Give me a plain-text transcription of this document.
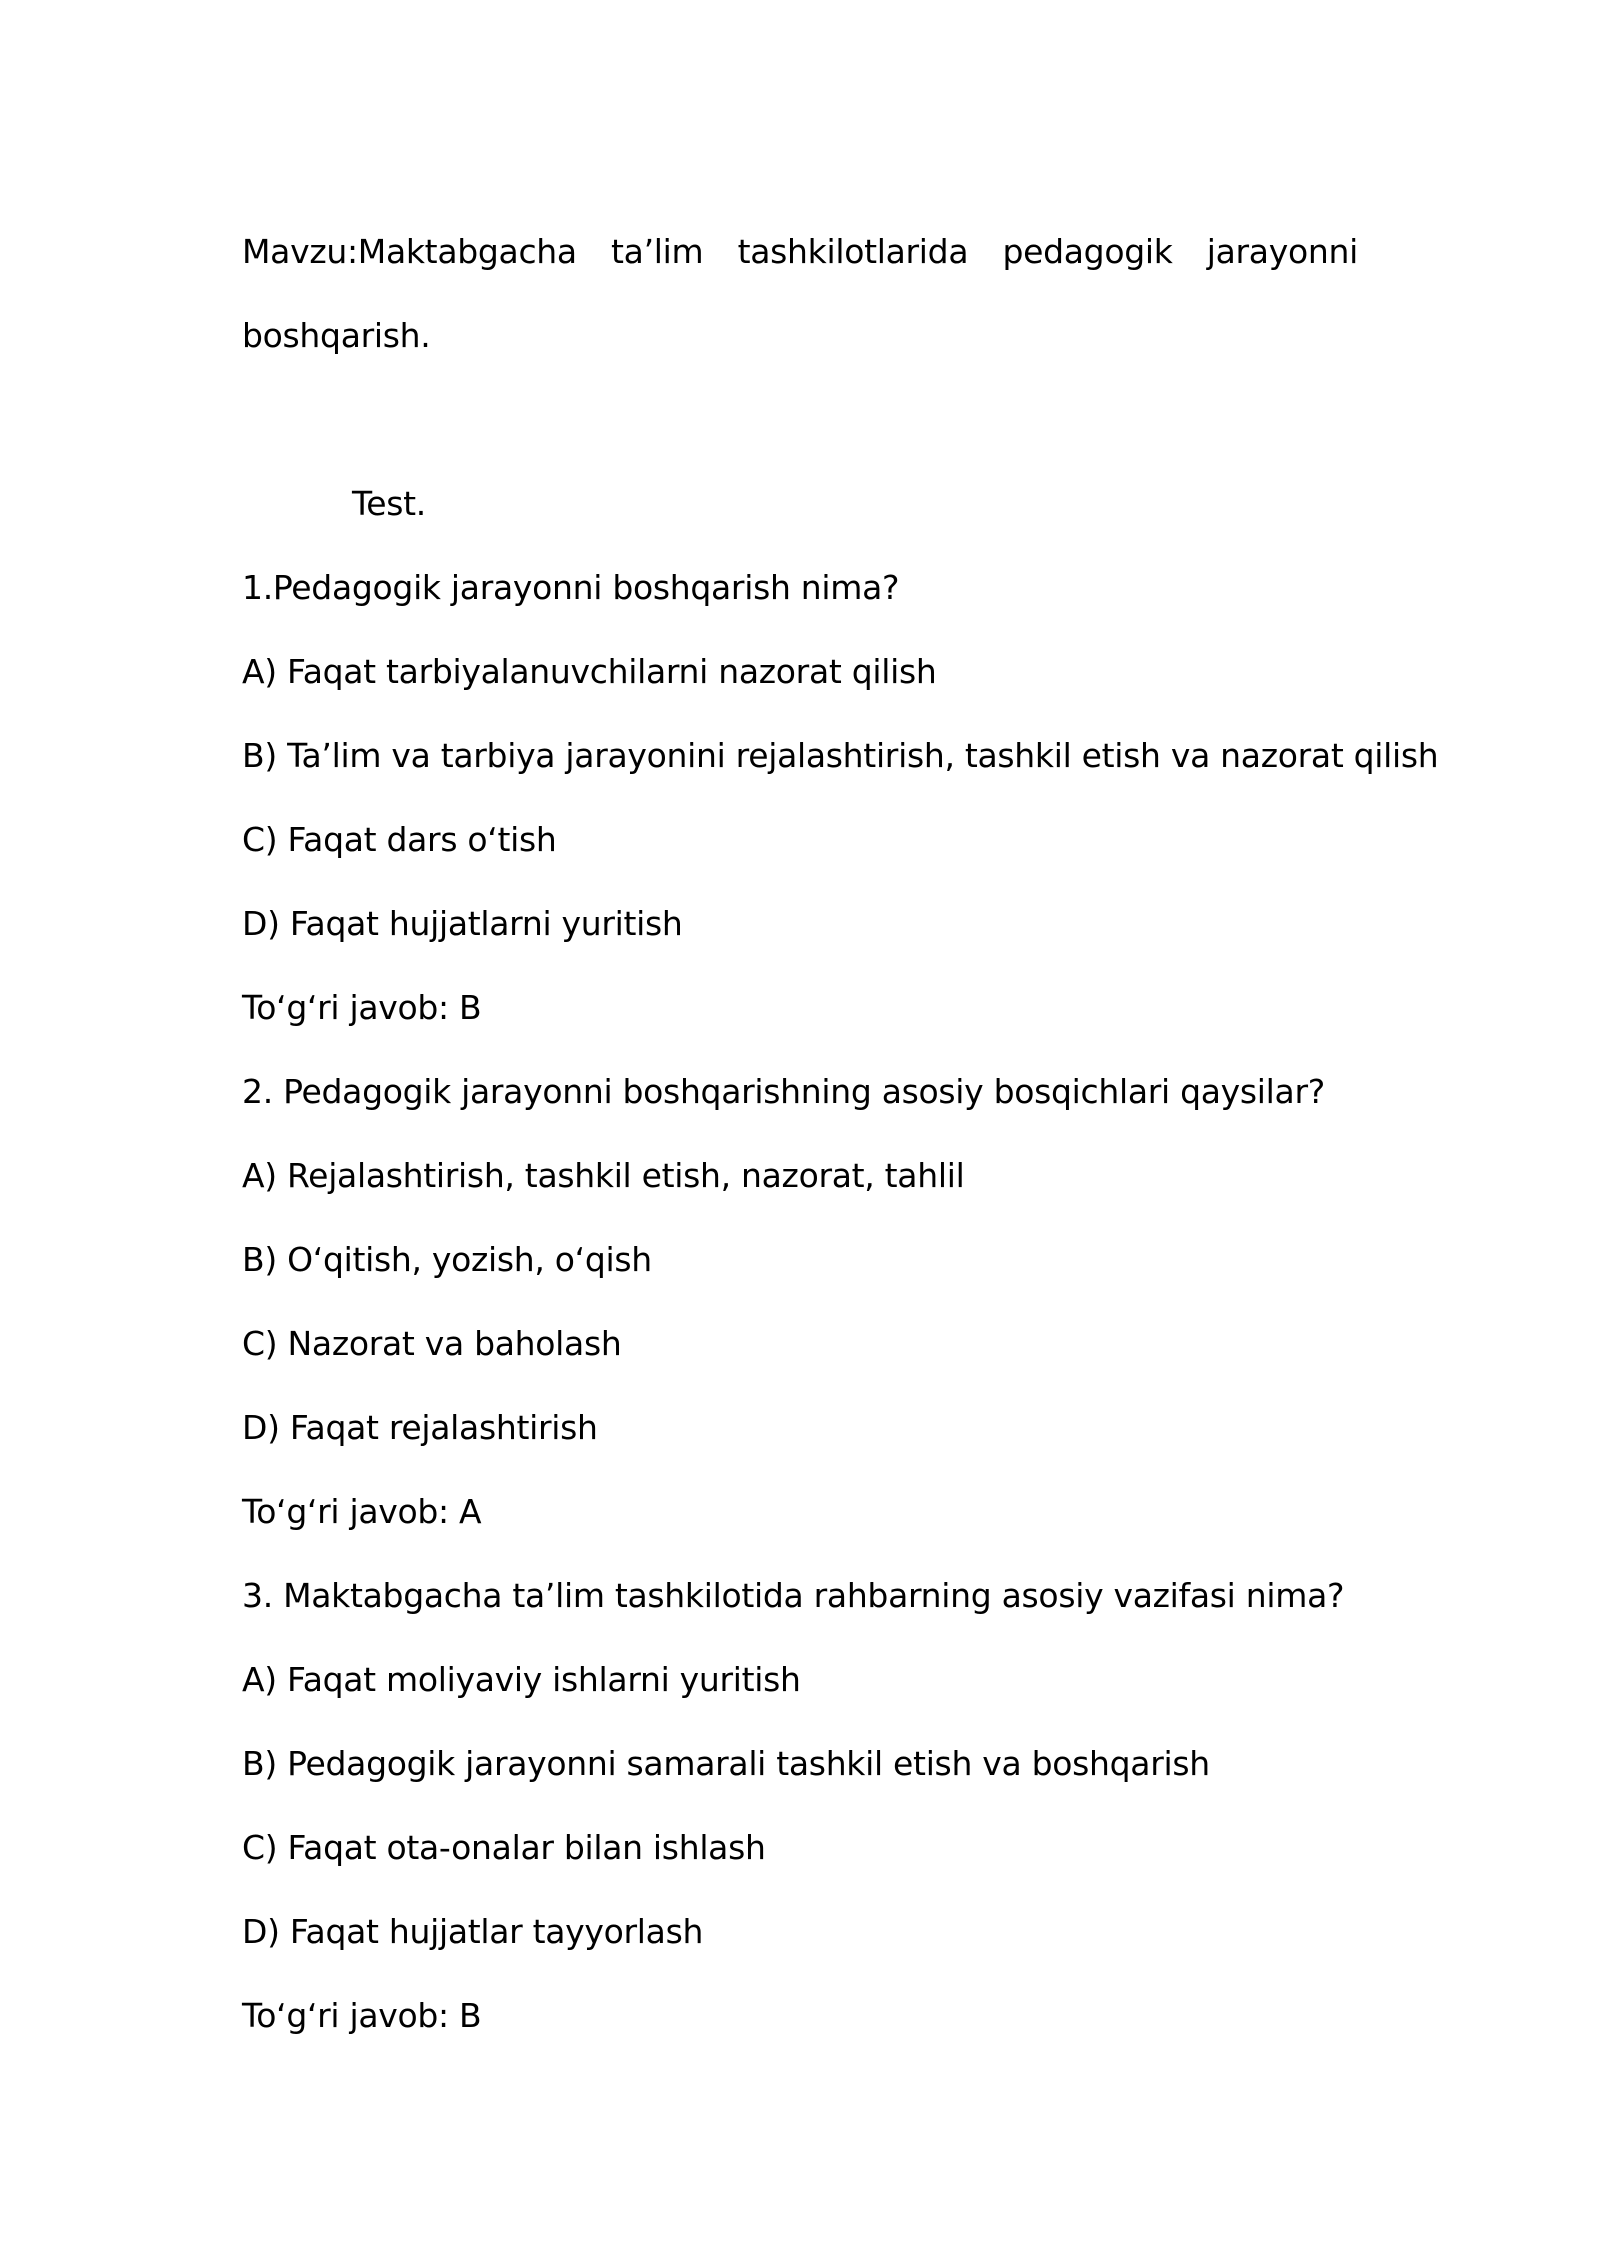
Mavzu:Maktabgacha ta’lim tashkilotlarida pedagogik jarayonni
boshqarish.
Test.
1.Pedagogik jarayonni boshqarish nima?
A) Faqat tarbiyalanuvchilarni nazorat qilish
B) Ta’lim va tarbiya jarayonini rejalashtirish, tashkil etish va nazorat qilish
C) Faqat dars o‘tish
D) Faqat hujjatlarni yuritish
To‘g‘ri javob: B
2. Pedagogik jarayonni boshqarishning asosiy bosqichlari qaysilar?
A) Rejalashtirish, tashkil etish, nazorat, tahlil
B) O‘qitish, yozish, o‘qish
C) Nazorat va baholash
D) Faqat rejalashtirish
To‘g‘ri javob: A
3. Maktabgacha ta’lim tashkilotida rahbarning asosiy vazifasi nima?
A) Faqat moliyaviy ishlarni yuritish
B) Pedagogik jarayonni samarali tashkil etish va boshqarish
C) Faqat ota-onalar bilan ishlash
D) Faqat hujjatlar tayyorlash
To‘g‘ri javob: B
